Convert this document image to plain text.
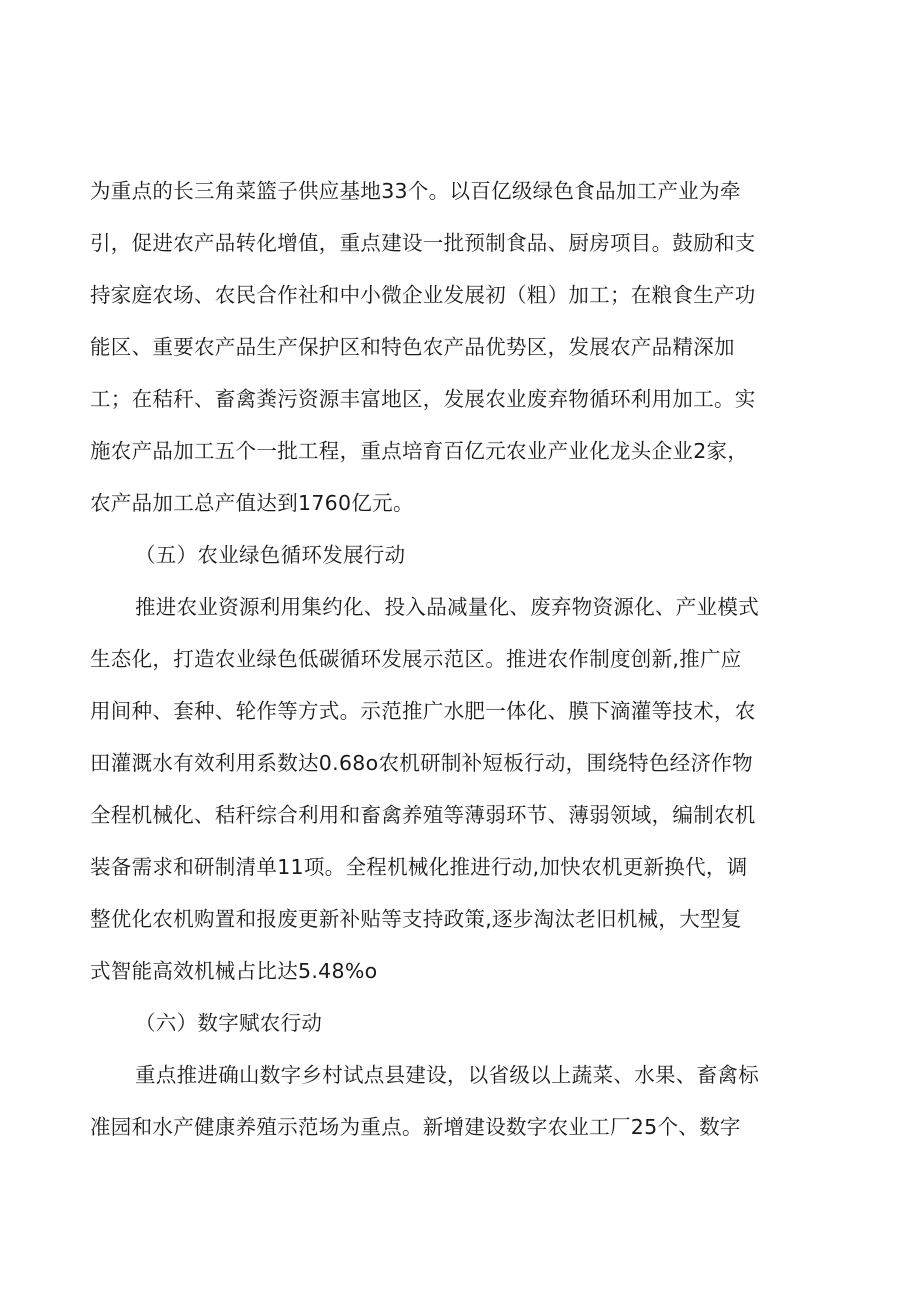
为重点的长三角菜篮子供应基地33个。以百亿级绿色食品加工产业为牵
引，促进农产品转化增值，重点建设一批预制食品、厨房项目。鼓励和支
持家庭农场、农民合作社和中小微企业发展初（粗）加工；在粮食生产功
能区、重要农产品生产保护区和特色农产品优势区，发展农产品精深加
工；在秸秆、畜禽粪污资源丰富地区，发展农业废弃物循环利用加工。实
施农产品加工五个一批工程，重点培育百亿元农业产业化龙头企业2家，
农产品加工总产值达到1760亿元。
（五）农业绿色循环发展行动
推进农业资源利用集约化、投入品减量化、废弃物资源化、产业模式
生态化，打造农业绿色低碳循环发展示范区。推进农作制度创新,推广应
用间种、套种、轮作等方式。示范推广水肥一体化、膜下滴灌等技术，农
田灌溉水有效利用系数达0.68o农机研制补短板行动，围绕特色经济作物
全程机械化、秸秆综合利用和畜禽养殖等薄弱环节、薄弱领域，编制农机
装备需求和研制清单11项。全程机械化推进行动,加快农机更新换代，调
整优化农机购置和报废更新补贴等支持政策,逐步淘汰老旧机械，大型复
式智能高效机械占比达5.48%o
（六）数字赋农行动
重点推进确山数字乡村试点县建设，以省级以上蔬菜、水果、畜禽标
准园和水产健康养殖示范场为重点。新增建设数字农业工厂25个、数字
